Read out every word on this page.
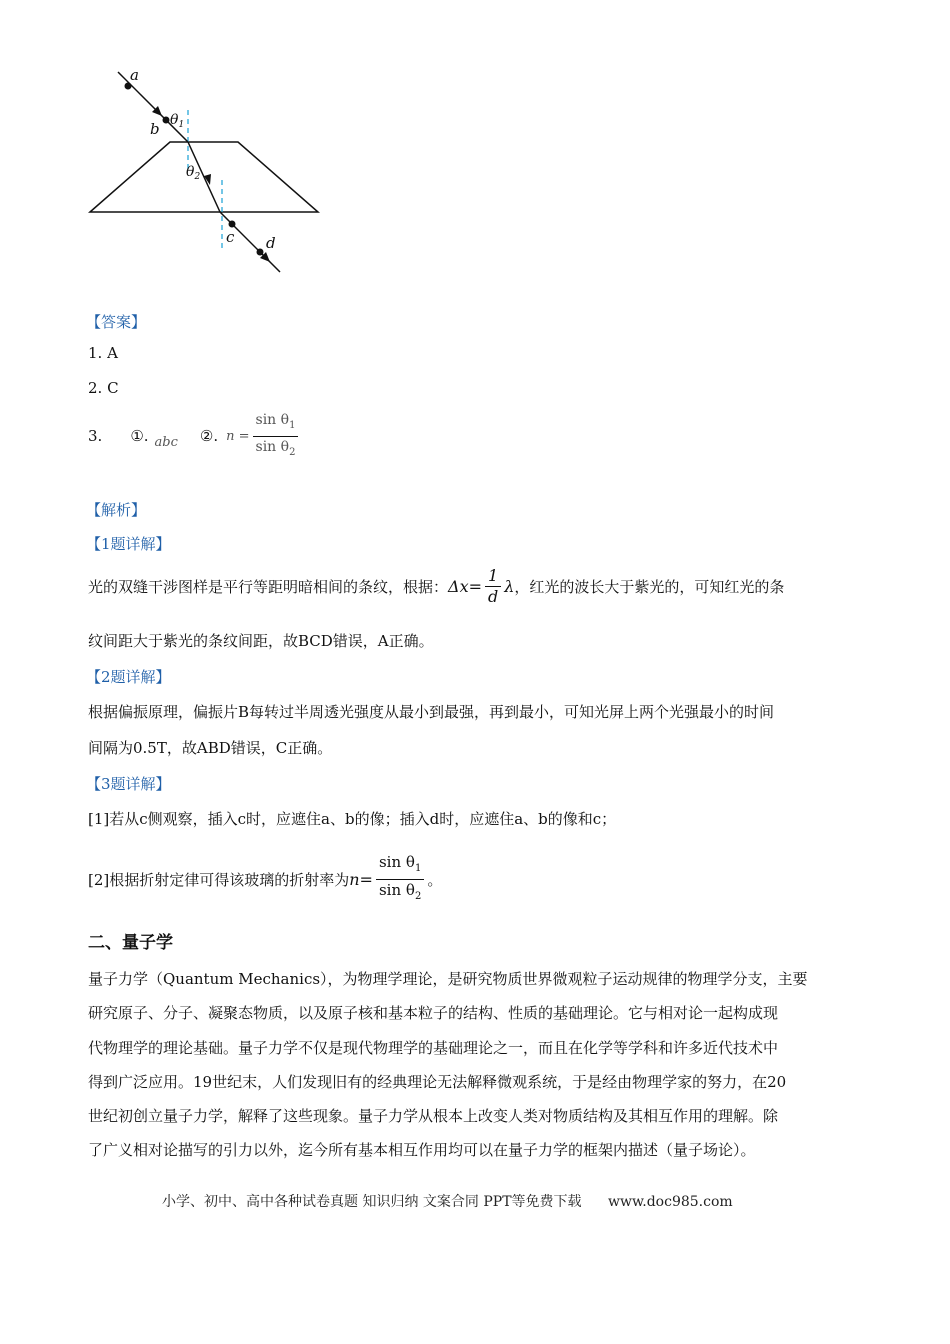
a
b $\theta_1$
$\theta_2$
c d
【答案】
1. A
2. C
3. ①. abc ②. $n = \frac{\sin \theta_1}{\sin \theta_2}$
【解析】
【1题详解】
光的双缝干涉图样是平行等距明暗相间的条纹，根据： $\Delta x= \frac{1}{d}$ λ ，红光的波长大于紫光的，可知红光的条
纹间距大于紫光的条纹间距，故BCD错误，A正确。
【2题详解】
根据偏振原理，偏振片B每转过半周透光强度从最小到最强，再到最小，可知光屏上两个光强最小的时间
间隔为0.5T，故ABD错误，C正确。
【3题详解】
[1]若从c侧观察，插入c时，应遮住a、b的像；插入d时，应遮住a、b的像和c；
[2]根据折射定律可得该玻璃的折射率为 $n= \frac{\sin \theta_1}{\sin \theta_2}$ 。
二、量子学
量子力学（Quantum Mechanics），为物理学理论，是研究物质世界微观粒子运动规律的物理学分支，主要
研究原子、分子、凝聚态物质，以及原子核和基本粒子的结构、性质的基础理论。它与相对论一起构成现
代物理学的理论基础。量子力学不仅是现代物理学的基础理论之一，而且在化学等学科和许多近代技术中
得到广泛应用。19世纪末，人们发现旧有的经典理论无法解释微观系统，于是经由物理学家的努力，在20
世纪初创立量子力学，解释了这些现象。量子力学从根本上改变人类对物质结构及其相互作用的理解。除
了广义相对论描写的引力以外，迄今所有基本相互作用均可以在量子力学的框架内描述（量子场论）。
小学、初中、高中各种试卷真题 知识归纳 文案合同 PPT等免费下载 www.doc985.com
